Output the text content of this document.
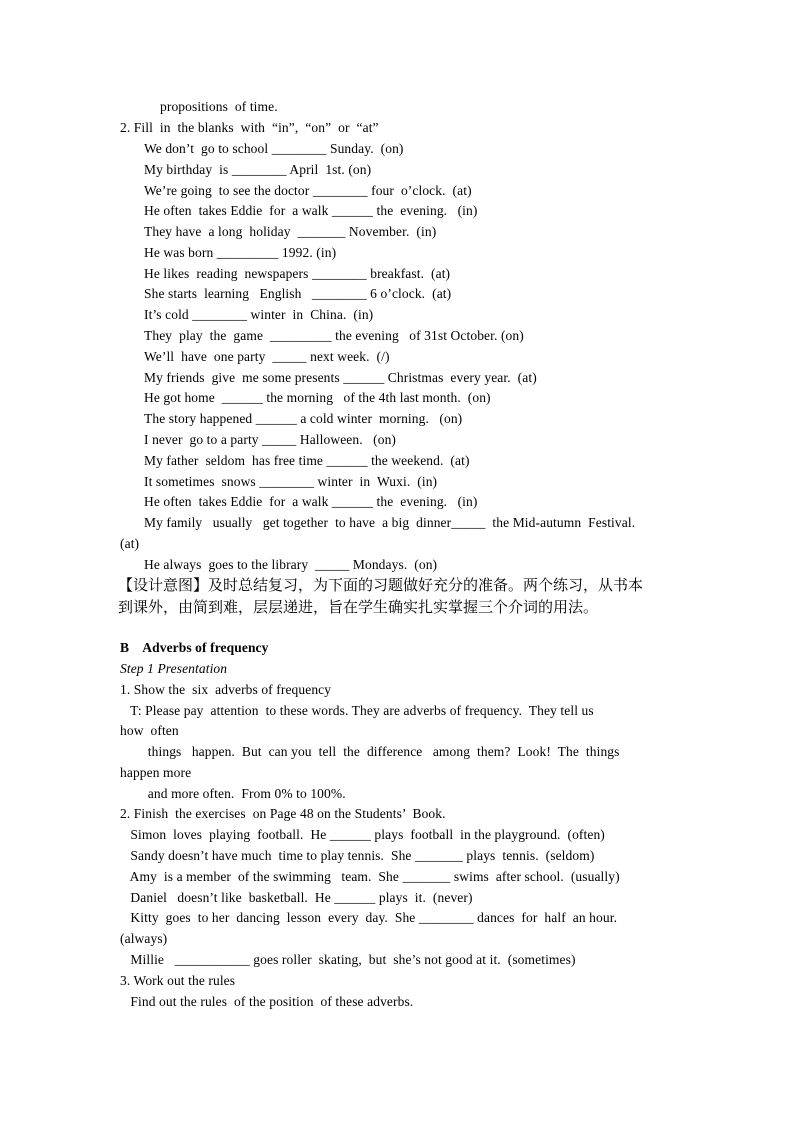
propositions  of time.
2. Fill  in  the blanks  with  “in”,  “on”  or  “at”
We don’t  go to school ________ Sunday.  (on)
My birthday  is ________ April  1st. (on)
We’re going  to see the doctor ________ four  o’clock.  (at)
He often  takes Eddie  for  a walk ______ the  evening.   (in)
They have  a long  holiday  _______ November.  (in)
He was born _________ 1992. (in)
He likes  reading  newspapers ________ breakfast.  (at)
She starts  learning   English   ________ 6 o’clock.  (at)
It’s cold ________ winter  in  China.  (in)
They  play  the  game  _________ the evening   of 31st October. (on)
We’ll  have  one party  _____ next week.  (/)
My friends  give  me some presents ______ Christmas  every year.  (at)
He got home  ______ the morning   of the 4th last month.  (on)
The story happened ______ a cold winter  morning.   (on)
I never  go to a party _____ Halloween.   (on)
My father  seldom  has free time ______ the weekend.  (at)
It sometimes  snows ________ winter  in  Wuxi.  (in)
He often  takes Eddie  for  a walk ______ the  evening.   (in)
My family   usually   get together  to have  a big  dinner_____  the Mid-autumn  Festival.
(at)
He always  goes to the library  _____ Mondays.  (on)
【设计意图】及时总结复习，为下面的习题做好充分的准备。两个练习，从书本
到课外，由简到难，层层递进，旨在学生确实扎实掌握三个介词的用法。
B    Adverbs of frequency
Step 1 Presentation
1. Show the  six  adverbs of frequency
T: Please pay  attention  to these words. They are adverbs of frequency.  They tell us
how  often
things   happen.  But  can you  tell  the  difference   among  them?  Look!  The  things
happen more
and more often.  From 0% to 100%.
2. Finish  the exercises  on Page 48 on the Students’  Book.
Simon  loves  playing  football.  He ______ plays  football  in the playground.  (often)
Sandy doesn’t have much  time to play tennis.  She _______ plays  tennis.  (seldom)
Amy  is a member  of the swimming   team.  She _______ swims  after school.  (usually)
Daniel   doesn’t like  basketball.  He ______ plays  it.  (never)
Kitty  goes  to her  dancing  lesson  every  day.  She ________ dances  for  half  an hour.
(always)
Millie   ___________ goes roller  skating,  but  she’s not good at it.  (sometimes)
3. Work out the rules
Find out the rules  of the position  of these adverbs.
